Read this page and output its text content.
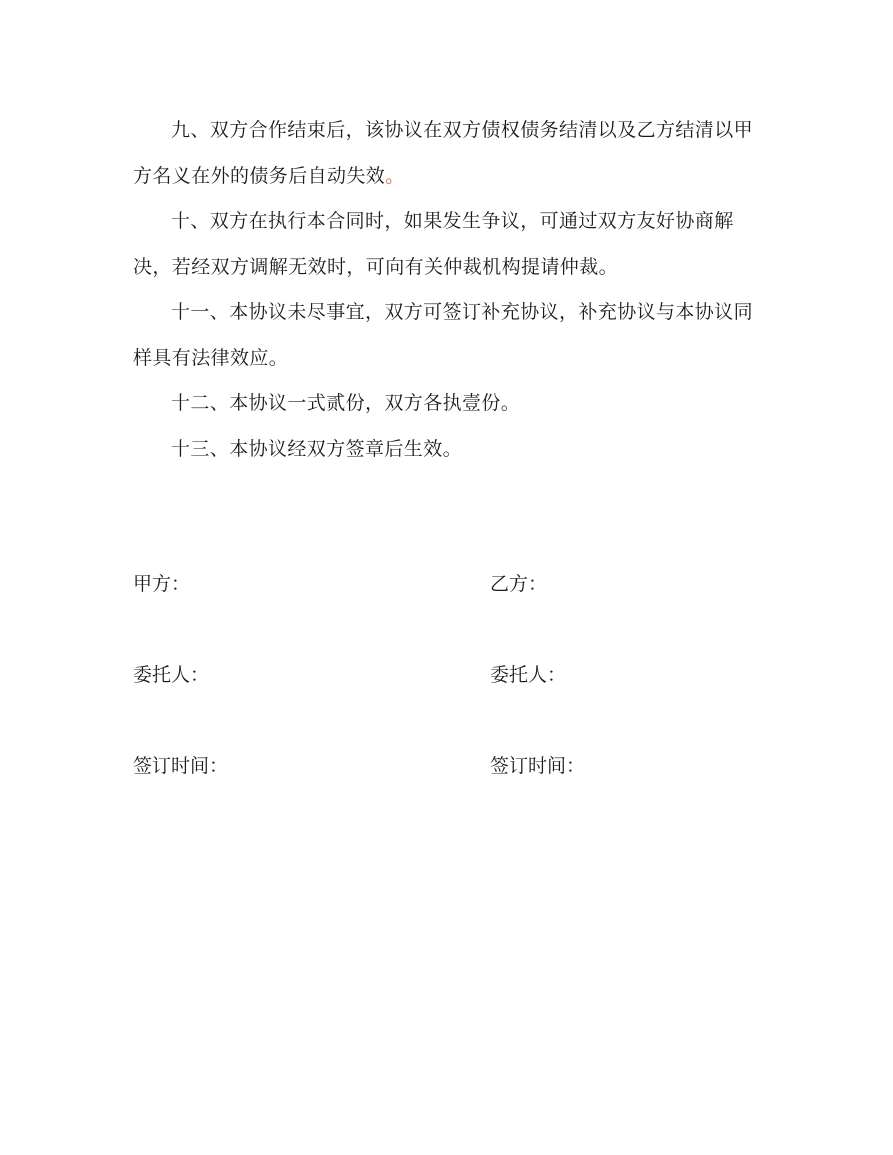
九、双方合作结束后，该协议在双方债权债务结清以及乙方结清以甲方名义在外的债务后自动失效。

十、双方在执行本合同时，如果发生争议，可通过双方友好协商解决，若经双方调解无效时，可向有关仲裁机构提请仲裁。

十一、本协议未尽事宜，双方可签订补充协议，补充协议与本协议同样具有法律效应。

十二、本协议一式贰份，双方各执壹份。

十三、本协议经双方签章后生效。

甲方：	乙方：
委托人：	委托人：
签订时间：	签订时间：
